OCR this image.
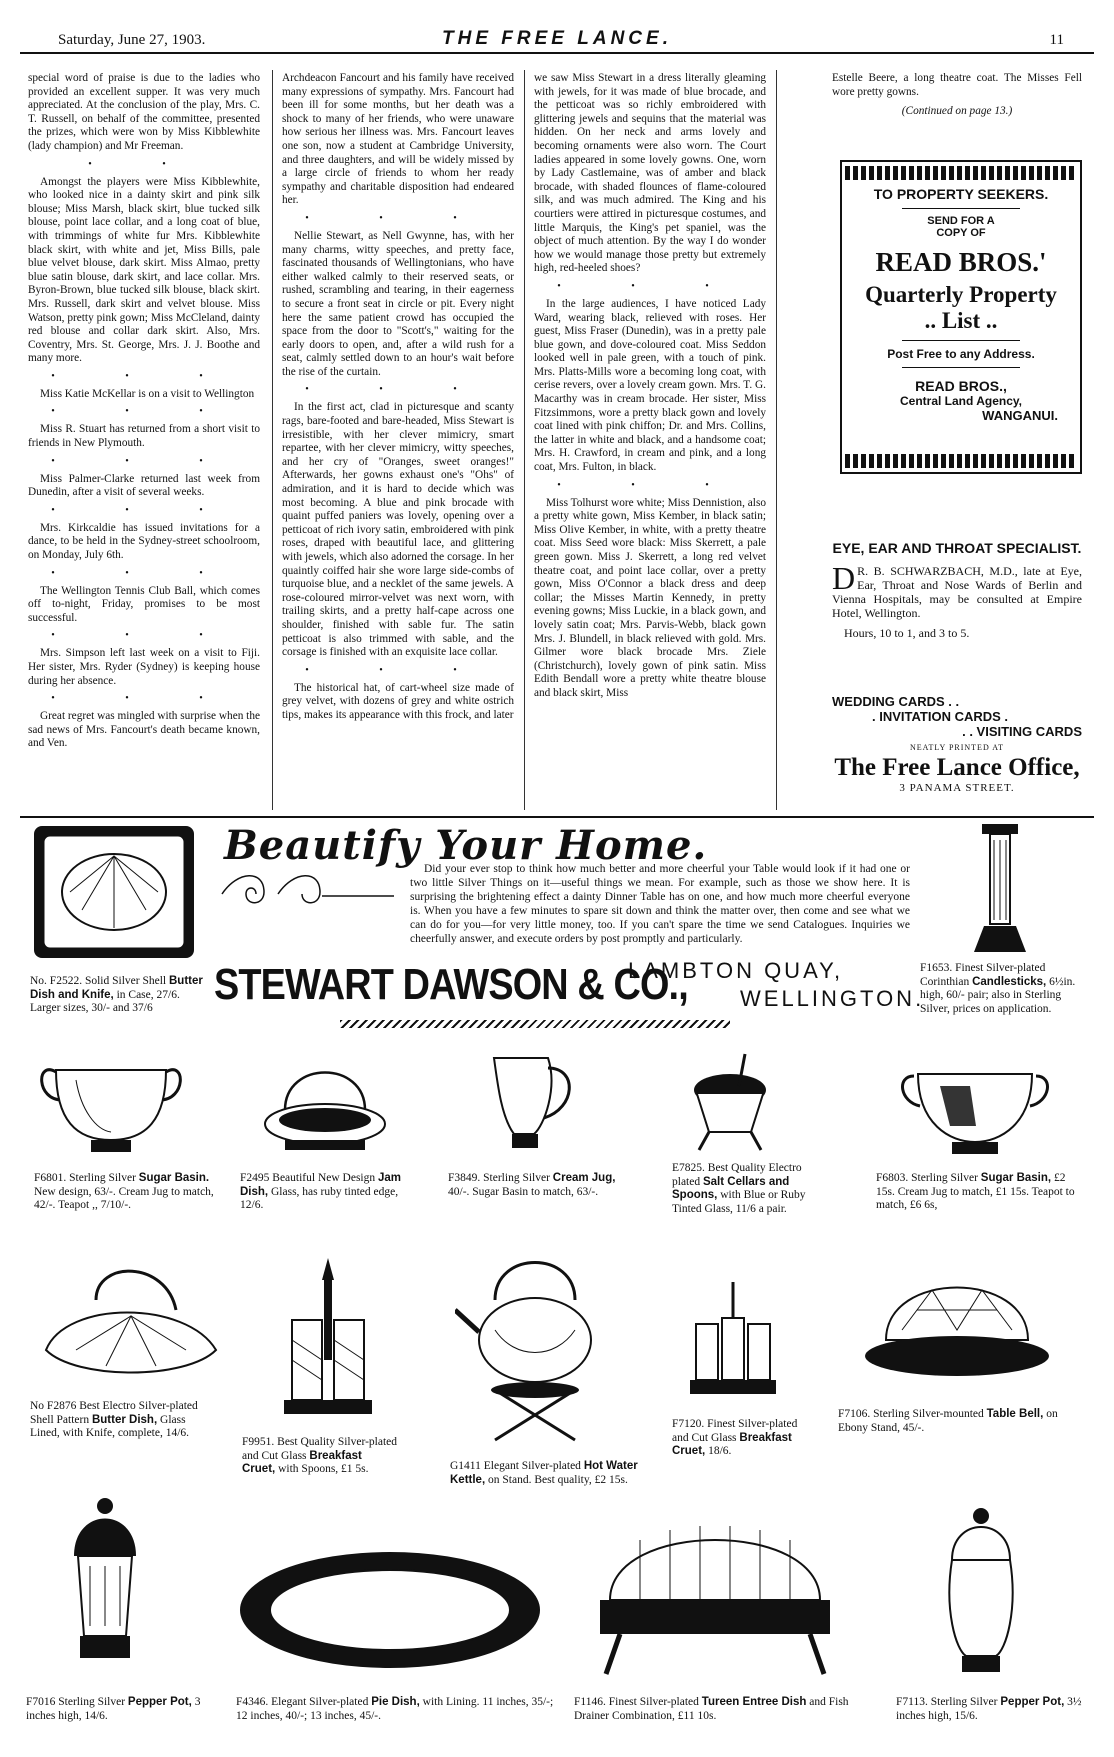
Saturday, June 27, 1903.	THE FREE LANCE.	11

special word of praise is due to the ladies who provided an excellent supper. It was very much appreciated. At the conclusion of the play, Mrs. C. T. Russell, on behalf of the committee, presented the prizes, which were won by Miss Kibblewhite (lady champion) and Mr Freeman.

• •

Amongst the players were Miss Kibblewhite, who looked nice in a dainty skirt and pink silk blouse; Miss Marsh, black skirt, blue tucked silk blouse, point lace collar, and a long coat of blue, with trimmings of white fur Mrs. Kibblewhite black skirt, with white and jet, Miss Bills, pale blue velvet blouse, dark skirt. Miss Almao, pretty blue satin blouse, dark skirt, and lace collar. Mrs. Byron-Brown, blue tucked silk blouse, black skirt. Mrs. Russell, dark skirt and velvet blouse. Miss Watson, pretty pink gown; Miss McCleland, dainty red blouse and collar dark skirt. Also, Mrs. Coventry, Mrs. St. George, Mrs. J. J. Boothe and many more.

• • •

Miss Katie McKellar is on a visit to Wellington

• • •

Miss R. Stuart has returned from a short visit to friends in New Plymouth.

• • •

Miss Palmer-Clarke returned last week from Dunedin, after a visit of several weeks.

• • •

Mrs. Kirkcaldie has issued invitations for a dance, to be held in the Sydney-street schoolroom, on Monday, July 6th.

• • •

The Wellington Tennis Club Ball, which comes off to-night, Friday, promises to be most successful.

• • •

Mrs. Simpson left last week on a visit to Fiji. Her sister, Mrs. Ryder (Sydney) is keeping house during her absence.

• • •

Great regret was mingled with surprise when the sad news of Mrs. Fancourt's death became known, and Ven.

Archdeacon Fancourt and his family have received many expressions of sympathy. Mrs. Fancourt had been ill for some months, but her death was a shock to many of her friends, who were unaware how serious her illness was. Mrs. Fancourt leaves one son, now a student at Cambridge University, and three daughters, and will be widely missed by a large circle of friends to whom her ready sympathy and charitable disposition had endeared her.

• • •

Nellie Stewart, as Nell Gwynne, has, with her many charms, witty speeches, and pretty face, fascinated thousands of Wellingtonians, who have either walked calmly to their reserved seats, or rushed, scrambling and tearing, in their eagerness to secure a front seat in circle or pit. Every night here the same patient crowd has occupied the space from the door to "Scott's," waiting for the early doors to open, and, after a wild rush for a seat, calmly settled down to an hour's wait before the rise of the curtain.

• • •

In the first act, clad in picturesque and scanty rags, bare-footed and bare-headed, Miss Stewart is irresistible, with her clever mimicry, smart repartee, with her clever mimicry, witty speeches, and her cry of "Oranges, sweet oranges!" Afterwards, her gowns exhaust one's "Ohs" of admiration, and it is hard to decide which was most becoming. A blue and pink brocade with quaint puffed paniers was lovely, opening over a petticoat of rich ivory satin, embroidered with pink roses, draped with beautiful lace, and glittering with jewels, which also adorned the corsage. In her quaintly coiffed hair she wore large side-combs of turquoise blue, and a necklet of the same jewels. A rose-coloured mirror-velvet was next worn, with trailing skirts, and a pretty half-cape across one shoulder, finished with sable fur. The satin petticoat is also trimmed with sable, and the corsage is finished with an exquisite lace collar.

• • •

The historical hat, of cart-wheel size made of grey velvet, with dozens of grey and white ostrich tips, makes its appearance with this frock, and later

we saw Miss Stewart in a dress literally gleaming with jewels, for it was made of blue brocade, and the petticoat was so richly embroidered with glittering jewels and sequins that the material was hidden. On her neck and arms lovely and becoming ornaments were also worn. The Court ladies appeared in some lovely gowns. One, worn by Lady Castlemaine, was of amber and black brocade, with shaded flounces of flame-coloured silk, and was much admired. The King and his courtiers were attired in picturesque costumes, and little Marquis, the King's pet spaniel, was the object of much attention. By the way I do wonder how we would manage those pretty but extremely high, red-heeled shoes?

• • •

In the large audiences, I have noticed Lady Ward, wearing black, relieved with roses. Her guest, Miss Fraser (Dunedin), was in a pretty pale blue gown, and dove-coloured coat. Miss Seddon looked well in pale green, with a touch of pink. Mrs. Platts-Mills wore a becoming long coat, with cerise revers, over a lovely cream gown. Mrs. T. G. Macarthy was in cream brocade. Her sister, Miss Fitzsimmons, wore a pretty black gown and lovely coat lined with pink chiffon; Dr. and Mrs. Collins, the latter in white and black, and a handsome coat; Mrs. H. Crawford, in cream and pink, and a long coat, Mrs. Fulton, in black.

• • •

Miss Tolhurst wore white; Miss Dennistion, also a pretty white gown, Miss Kember, in black satin; Miss Olive Kember, in white, with a pretty theatre coat. Miss Seed wore black: Miss Skerrett, a pale green gown. Miss J. Skerrett, a long red velvet theatre coat, and point lace collar, over a pretty gown, Miss O'Connor a black dress and deep collar; the Misses Martin Kennedy, in pretty evening gowns; Miss Luckie, in a black gown, and lovely satin coat; Mrs. Parvis-Webb, black gown Mrs. J. Blundell, in black relieved with gold. Mrs. Gilmer wore black brocade Mrs. Ziele (Christchurch), lovely gown of pink satin. Miss Edith Bendall wore a pretty white theatre blouse and black skirt, Miss

Estelle Beere, a long theatre coat. The Misses Fell wore pretty gowns.

(Continued on page 13.)

TO PROPERTY SEEKERS.
SEND FOR A
COPY OF
READ BROS.'
Quarterly Property
.. List ..
Post Free to any Address.
READ BROS.,
Central Land Agency,
WANGANUI.
EYE, EAR AND THROAT SPECIALIST.
D R. B. SCHWARZBACH, M.D., late at Eye, Ear, Throat and Nose Wards of Berlin and Vienna Hospitals, may be consulted at Empire Hotel, Wellington.
Hours, 10 to 1, and 3 to 5.
WEDDING CARDS . .
. INVITATION CARDS .
. . VISITING CARDS
NEATLY PRINTED AT
The Free Lance Office,
3 PANAMA STREET.
Beautify Your Home.
Did your ever stop to think how much better and more cheerful your Table would look if it had one or two little Silver Things on it—useful things we mean. For example, such as those we show here. It is surprising the brightening effect a dainty Dinner Table has on one, and how much more cheerful everyone is. When you have a few minutes to spare sit down and think the matter over, then come and see what we can do for you—for very little money, too. If you can't spare the time we send Catalogues. Inquiries we cheerfully answer, and execute orders by post promptly and particularly.
STEWART DAWSON & CO.,
LAMBTON QUAY,
WELLINGTON.
No. F2522. Solid Silver Shell Butter Dish and Knife, in Case, 27/6. Larger sizes, 30/- and 37/6
F1653. Finest Silver-plated Corinthian Candlesticks, 6½in. high, 60/- pair; also in Sterling Silver, prices on application.
F6801. Sterling Silver Sugar Basin. New design, 63/-. Cream Jug to match, 42/-. Teapot ,, 7/10/-.
F2495 Beautiful New Design Jam Dish, Glass, has ruby tinted edge, 12/6.
F3849. Sterling Silver Cream Jug, 40/-. Sugar Basin to match, 63/-.
E7825. Best Quality Electro plated Salt Cellars and Spoons, with Blue or Ruby Tinted Glass, 11/6 a pair.
F6803. Sterling Silver Sugar Basin, £2 15s. Cream Jug to match, £1 15s. Teapot to match, £6 6s,
No F2876 Best Electro Silver-plated Shell Pattern Butter Dish, Glass Lined, with Knife, complete, 14/6.
F9951. Best Quality Silver-plated and Cut Glass Breakfast Cruet, with Spoons, £1 5s.	G1411 Elegant Silver-plated Hot Water Kettle, on Stand. Best quality, £2 15s.
F7120. Finest Silver-plated and Cut Glass Breakfast Cruet, 18/6.
F7106. Sterling Silver-mounted Table Bell, on Ebony Stand, 45/-.
F7016 Sterling Silver Pepper Pot, 3 inches high, 14/6.
F4346. Elegant Silver-plated Pie Dish, with Lining. 11 inches, 35/-; 12 inches, 40/-; 13 inches, 45/-.
F1146. Finest Silver-plated Tureen Entree Dish and Fish Drainer Combination, £11 10s.
F7113. Sterling Silver Pepper Pot, 3½ inches high, 15/6.
